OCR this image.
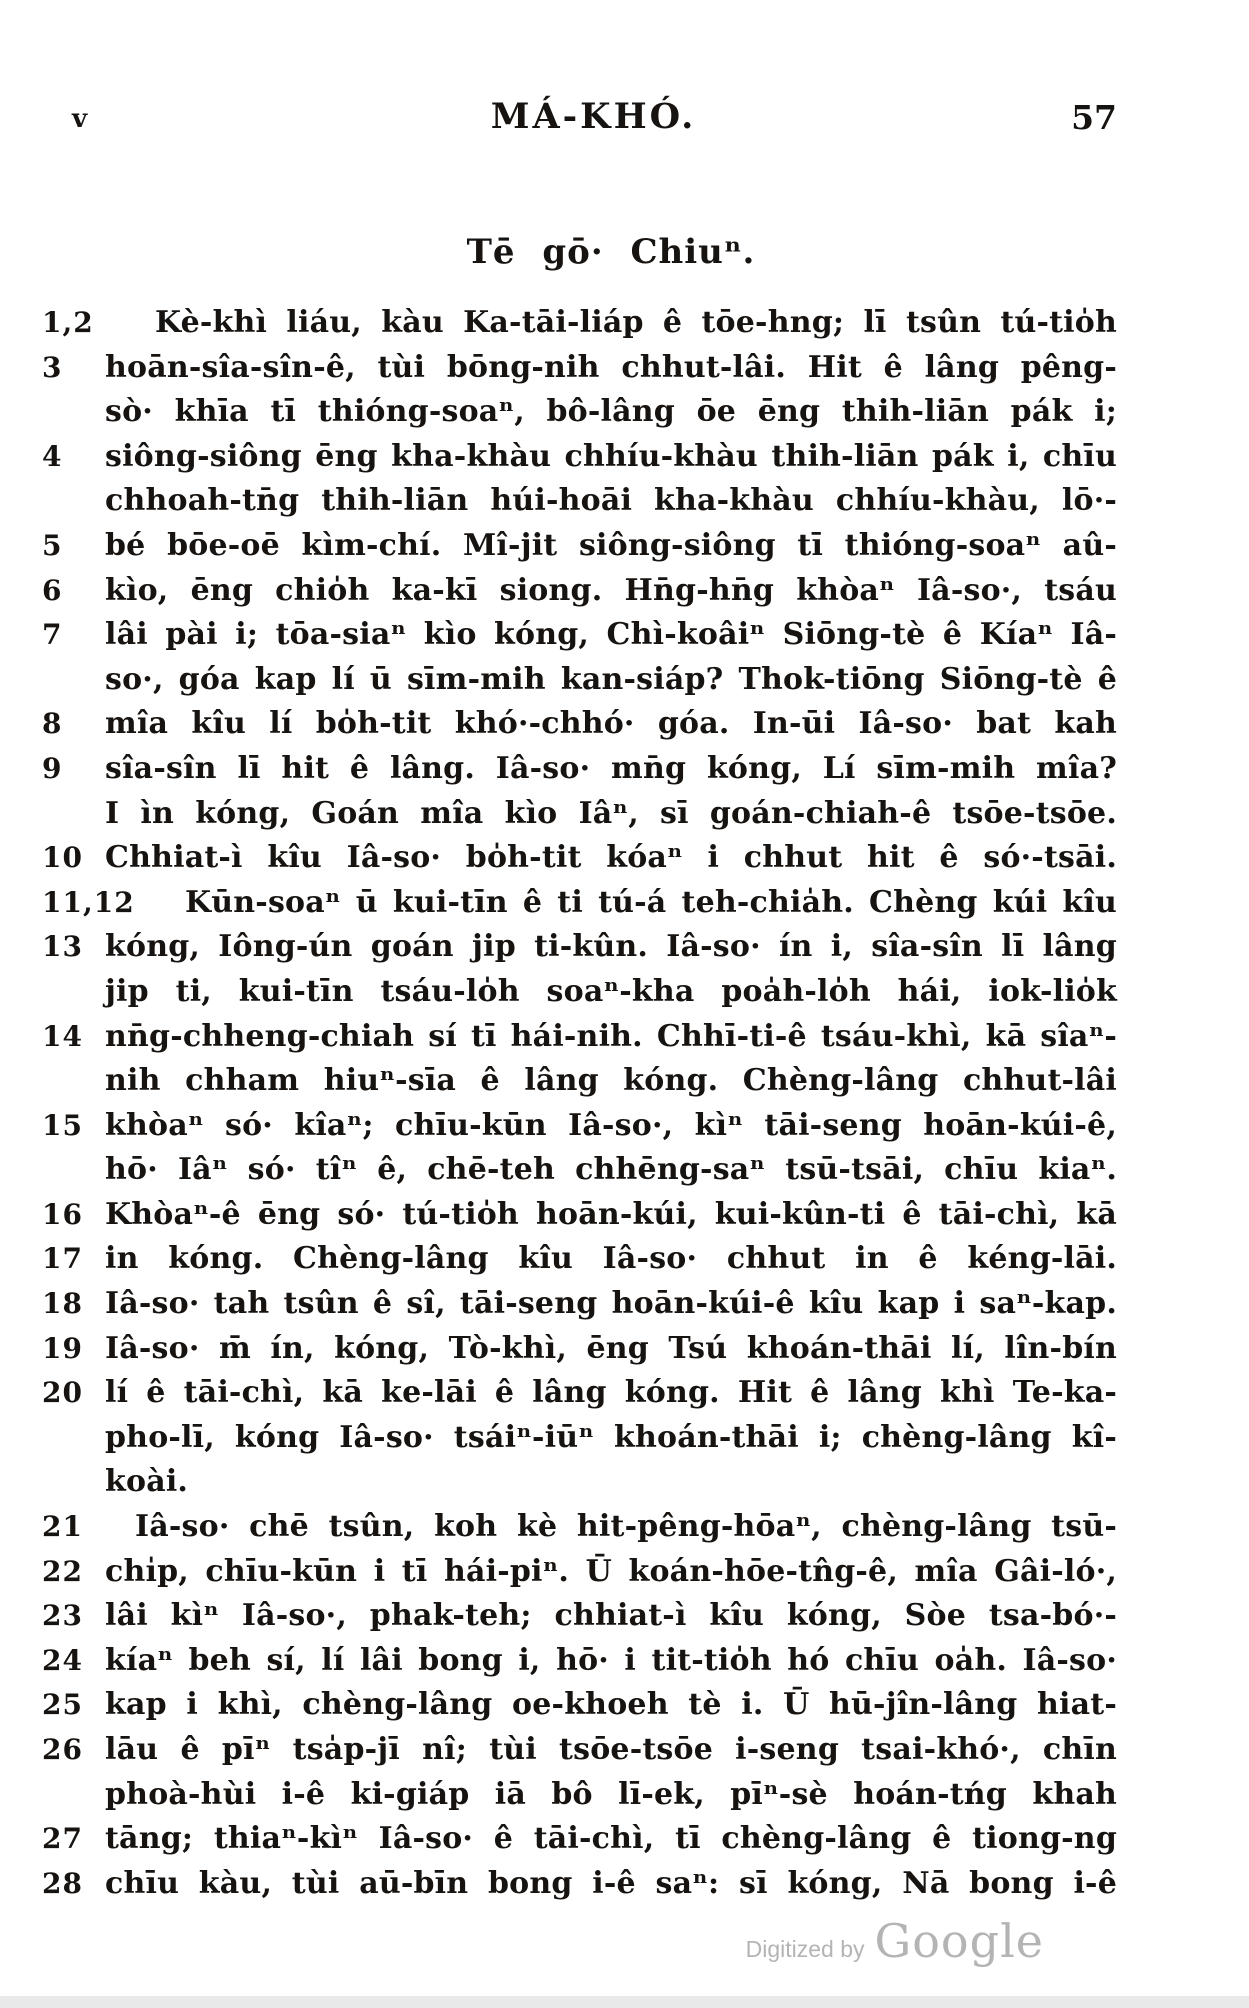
v	MÁ-KHÓ.	57
Tē gō· Chiuⁿ.
1,2	Kè-khì liáu, kàu Ka-tāi-liáp ê tōe-hng; lī tsûn tú-tio̍h
3 hoān-sîa-sîn-ê, tùi bōng-nih chhut-lâi. Hit ê lâng pêng-
sò· khīa tī thióng-soaⁿ, bô-lâng ōe ēng thih-liān pák i;
4 siông-siông ēng kha-khàu chhíu-khàu thih-liān pák i, chīu
chhoah-tn̄g thih-liān húi-hoāi kha-khàu chhíu-khàu, lō·-
5 bé bōe-oē kìm-chí. Mî-jit siông-siông tī thióng-soaⁿ aû-
6 kìo, ēng chio̍h ka-kī siong. Hn̄g-hn̄g khòaⁿ Iâ-so·, tsáu
7 lâi pài i; tōa-siaⁿ kìo kóng, Chì-koâiⁿ Siōng-tè ê Kíaⁿ Iâ-
so·, góa kap lí ū sīm-mih kan-siáp? Thok-tiōng Siōng-tè ê
8 mîa kîu lí bo̍h-tit khó·-chhó· góa. In-ūi Iâ-so· bat kah
9 sîa-sîn lī hit ê lâng. Iâ-so· mn̄g kóng, Lí sīm-mih mîa?
I ìn kóng, Goán mîa kìo Iâⁿ, sī goán-chiah-ê tsōe-tsōe.
10 Chhiat-ì kîu Iâ-so· bo̍h-tit kóaⁿ i chhut hit ê só·-tsāi.
11,12	Kūn-soaⁿ ū kui-tīn ê ti tú-á teh-chia̍h. Chèng kúi kîu
13 kóng, Iông-ún goán jip ti-kûn. Iâ-so· ín i, sîa-sîn lī lâng
jip ti, kui-tīn tsáu-lo̍h soaⁿ-kha poa̍h-lo̍h hái, iok-lio̍k
14 nn̄g-chheng-chiah sí tī hái-nih. Chhī-ti-ê tsáu-khì, kā sîaⁿ-
nih chham hiuⁿ-sīa ê lâng kóng. Chèng-lâng chhut-lâi
15 khòaⁿ só· kîaⁿ; chīu-kūn Iâ-so·, kìⁿ tāi-seng hoān-kúi-ê,
hō· Iâⁿ só· tîⁿ ê, chē-teh chhēng-saⁿ tsū-tsāi, chīu kiaⁿ.
16 Khòaⁿ-ê ēng só· tú-tio̍h hoān-kúi, kui-kûn-ti ê tāi-chì, kā
17 in kóng. Chèng-lâng kîu Iâ-so· chhut in ê kéng-lāi.
18 Iâ-so· tah tsûn ê sî, tāi-seng hoān-kúi-ê kîu kap i saⁿ-kap.
19 Iâ-so· m̄ ín, kóng, Tò-khì, ēng Tsú khoán-thāi lí, lîn-bín
20 lí ê tāi-chì, kā ke-lāi ê lâng kóng. Hit ê lâng khì Te-ka-
pho-lī, kóng Iâ-so· tsáiⁿ-iūⁿ khoán-thāi i; chèng-lâng kî-
koài.
21	Iâ-so· chē tsûn, koh kè hit-pêng-hōaⁿ, chèng-lâng tsū-
22 chi̍p, chīu-kūn i tī hái-piⁿ. Ū koán-hōe-tn̂g-ê, mîa Gâi-ló·,
23 lâi kìⁿ Iâ-so·, phak-teh; chhiat-ì kîu kóng, Sòe tsa-bó·-
24 kíaⁿ beh sí, lí lâi bong i, hō· i tit-tio̍h hó chīu oa̍h. Iâ-so·
25 kap i khì, chèng-lâng oe-khoeh tè i. Ū hū-jîn-lâng hiat-
26 lāu ê pīⁿ tsa̍p-jī nî; tùi tsōe-tsōe i-seng tsai-khó·, chīn
phoà-hùi i-ê ki-giáp iā bô lī-ek, pīⁿ-sè hoán-tńg khah
27 tāng; thiaⁿ-kìⁿ Iâ-so· ê tāi-chì, tī chèng-lâng ê tiong-ng
28 chīu kàu, tùi aū-bīn bong i-ê saⁿ: sī kóng, Nā bong i-ê
Digitized by Google
